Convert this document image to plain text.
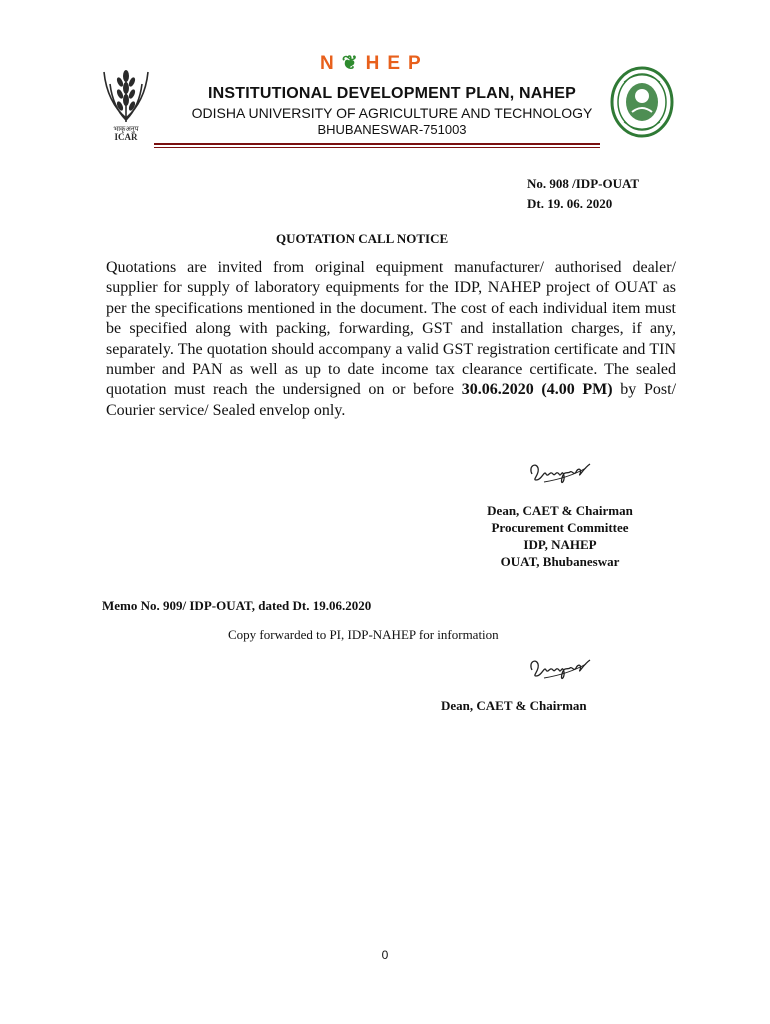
N❦HEP
भाकृअनुप
ICAR
INSTITUTIONAL DEVELOPMENT PLAN, NAHEP
ODISHA UNIVERSITY OF AGRICULTURE AND TECHNOLOGY
BHUBANESWAR-751003
No. 908 /IDP-OUAT
Dt. 19. 06. 2020
QUOTATION CALL NOTICE
Quotations are invited from original equipment manufacturer/ authorised dealer/ supplier for supply of laboratory equipments for the IDP, NAHEP project of OUAT as per the specifications mentioned in the document. The cost of each individual item must be specified along with packing, forwarding, GST and installation charges, if any, separately. The quotation should accompany a valid GST registration certificate and TIN number and PAN as well as up to date income tax clearance certificate. The sealed quotation must reach the undersigned on or before 30.06.2020 (4.00 PM) by Post/ Courier service/ Sealed envelop only.
Dean, CAET & Chairman
Procurement Committee
IDP, NAHEP
OUAT, Bhubaneswar
Memo No. 909/ IDP-OUAT, dated Dt. 19.06.2020
Copy forwarded to PI, IDP-NAHEP for information
Dean, CAET & Chairman
0
